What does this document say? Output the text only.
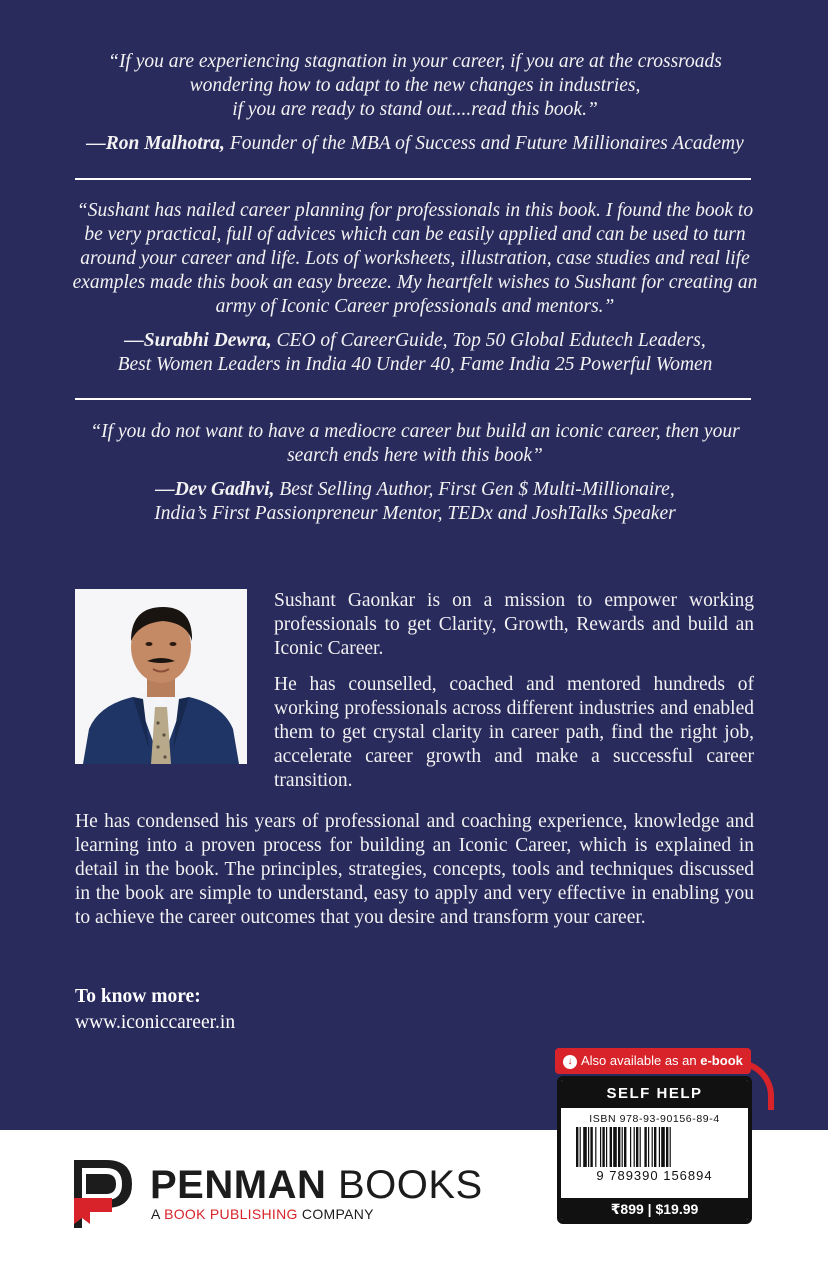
“If you are experiencing stagnation in your career, if you are at the crossroads
wondering how to adapt to the new changes in industries,
if you are ready to stand out....read this book.”

—Ron Malhotra, Founder of the MBA of Success and Future Millionaires Academy

“Sushant has nailed career planning for professionals in this book. I found the book to
be very practical, full of advices which can be easily applied and can be used to turn
around your career and life. Lots of worksheets, illustration, case studies and real life
examples made this book an easy breeze. My heartfelt wishes to Sushant for creating an
army of Iconic Career professionals and mentors.”

—Surabhi Dewra, CEO of CareerGuide, Top 50 Global Edutech Leaders,
Best Women Leaders in India 40 Under 40, Fame India 25 Powerful Women

“If you do not want to have a mediocre career but build an iconic career, then your
search ends here with this book”

—Dev Gadhvi, Best Selling Author, First Gen $ Multi-Millionaire,
India’s First Passionpreneur Mentor, TEDx and JoshTalks Speaker

Sushant Gaonkar is on a mission to empower working professionals to get Clarity, Growth, Rewards and build an Iconic Career.

He has counselled, coached and mentored hundreds of working professionals across different industries and enabled them to get crystal clarity in career path, find the right job, accelerate career growth and make a successful career transition.

He has condensed his years of professional and coaching experience, knowledge and learning into a proven process for building an Iconic Career, which is explained in detail in the book. The principles, strategies, concepts, tools and techniques discussed in the book are simple to understand, easy to apply and very effective in enabling you to achieve the career outcomes that you desire and transform your career.

To know more:
www.iconiccareer.in
PENMAN BOOKS
A BOOK PUBLISHING COMPANY
↓ Also available as an e-book
SELF HELP
ISBN 978-93-90156-89-4
9 789390 156894
₹899 | $19.99
